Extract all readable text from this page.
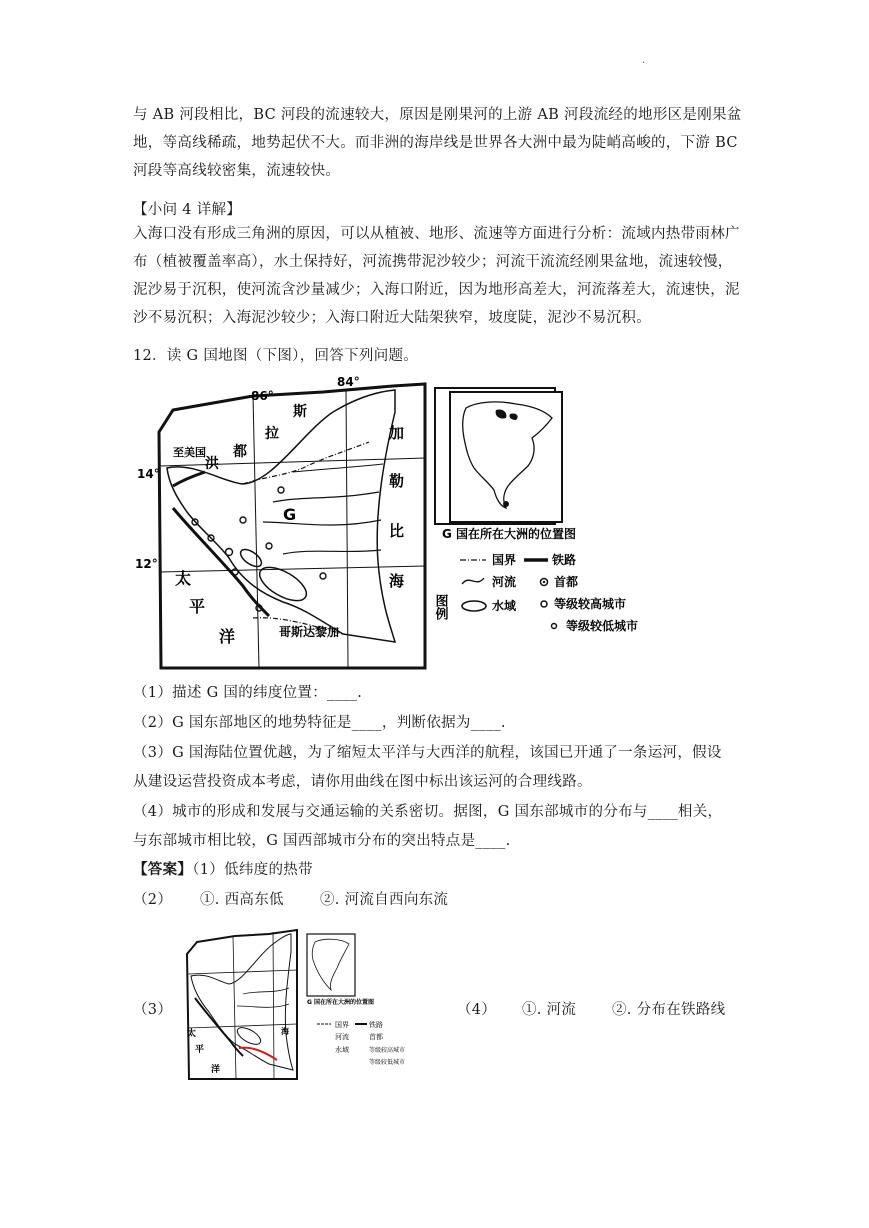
·
与 AB 河段相比，BC 河段的流速较大，原因是刚果河的上游 AB 河段流经的地形区是刚果盆地，等高线稀疏，地势起伏不大。而非洲的海岸线是世界各大洲中最为陡峭高峻的，下游 BC 河段等高线较密集，流速较快。
【小问 4 详解】
入海口没有形成三角洲的原因，可以从植被、地形、流速等方面进行分析：流域内热带雨林广布（植被覆盖率高），水土保持好，河流携带泥沙较少；河流干流流经刚果盆地，流速较慢，泥沙易于沉积，使河流含沙量减少；入海口附近，因为地形高差大，河流落差大，流速快，泥沙不易沉积；入海泥沙较少；入海口附近大陆架狭窄，坡度陡，泥沙不易沉积。
12．读 G 国地图（下图），回答下列问题。
86°
84°
14°
12°
至美国
G
洪
都
拉
斯
加
勒
比
海
太
平
洋	哥斯达黎加
G 国在所在大洲的位置图
图例
国界	铁路
河流	首都
水域	等级较高城市
等级较低城市
（1）描述 G 国的纬度位置：____.
（2）G 国东部地区的地势特征是____，判断依据为____.
（3）G 国海陆位置优越，为了缩短太平洋与大西洋的航程，该国已开通了一条运河，假设
从建设运营投资成本考虑，请你用曲线在图中标出该运河的合理线路。
（4）城市的形成和发展与交通运输的关系密切。据图，G 国东部城市的分布与____相关，
与东部城市相比较，G 国西部城市分布的突出特点是____.
【答案】（1）低纬度的热带
（2） ①. 西高东低 ②. 河流自西向东流
（3）
太
平
洋
海
G 国在所在大洲的位置图
国界	铁路
河流	首都
水域	等级较高城市
等级较低城市
（4） ①. 河流 ②. 分布在铁路线
